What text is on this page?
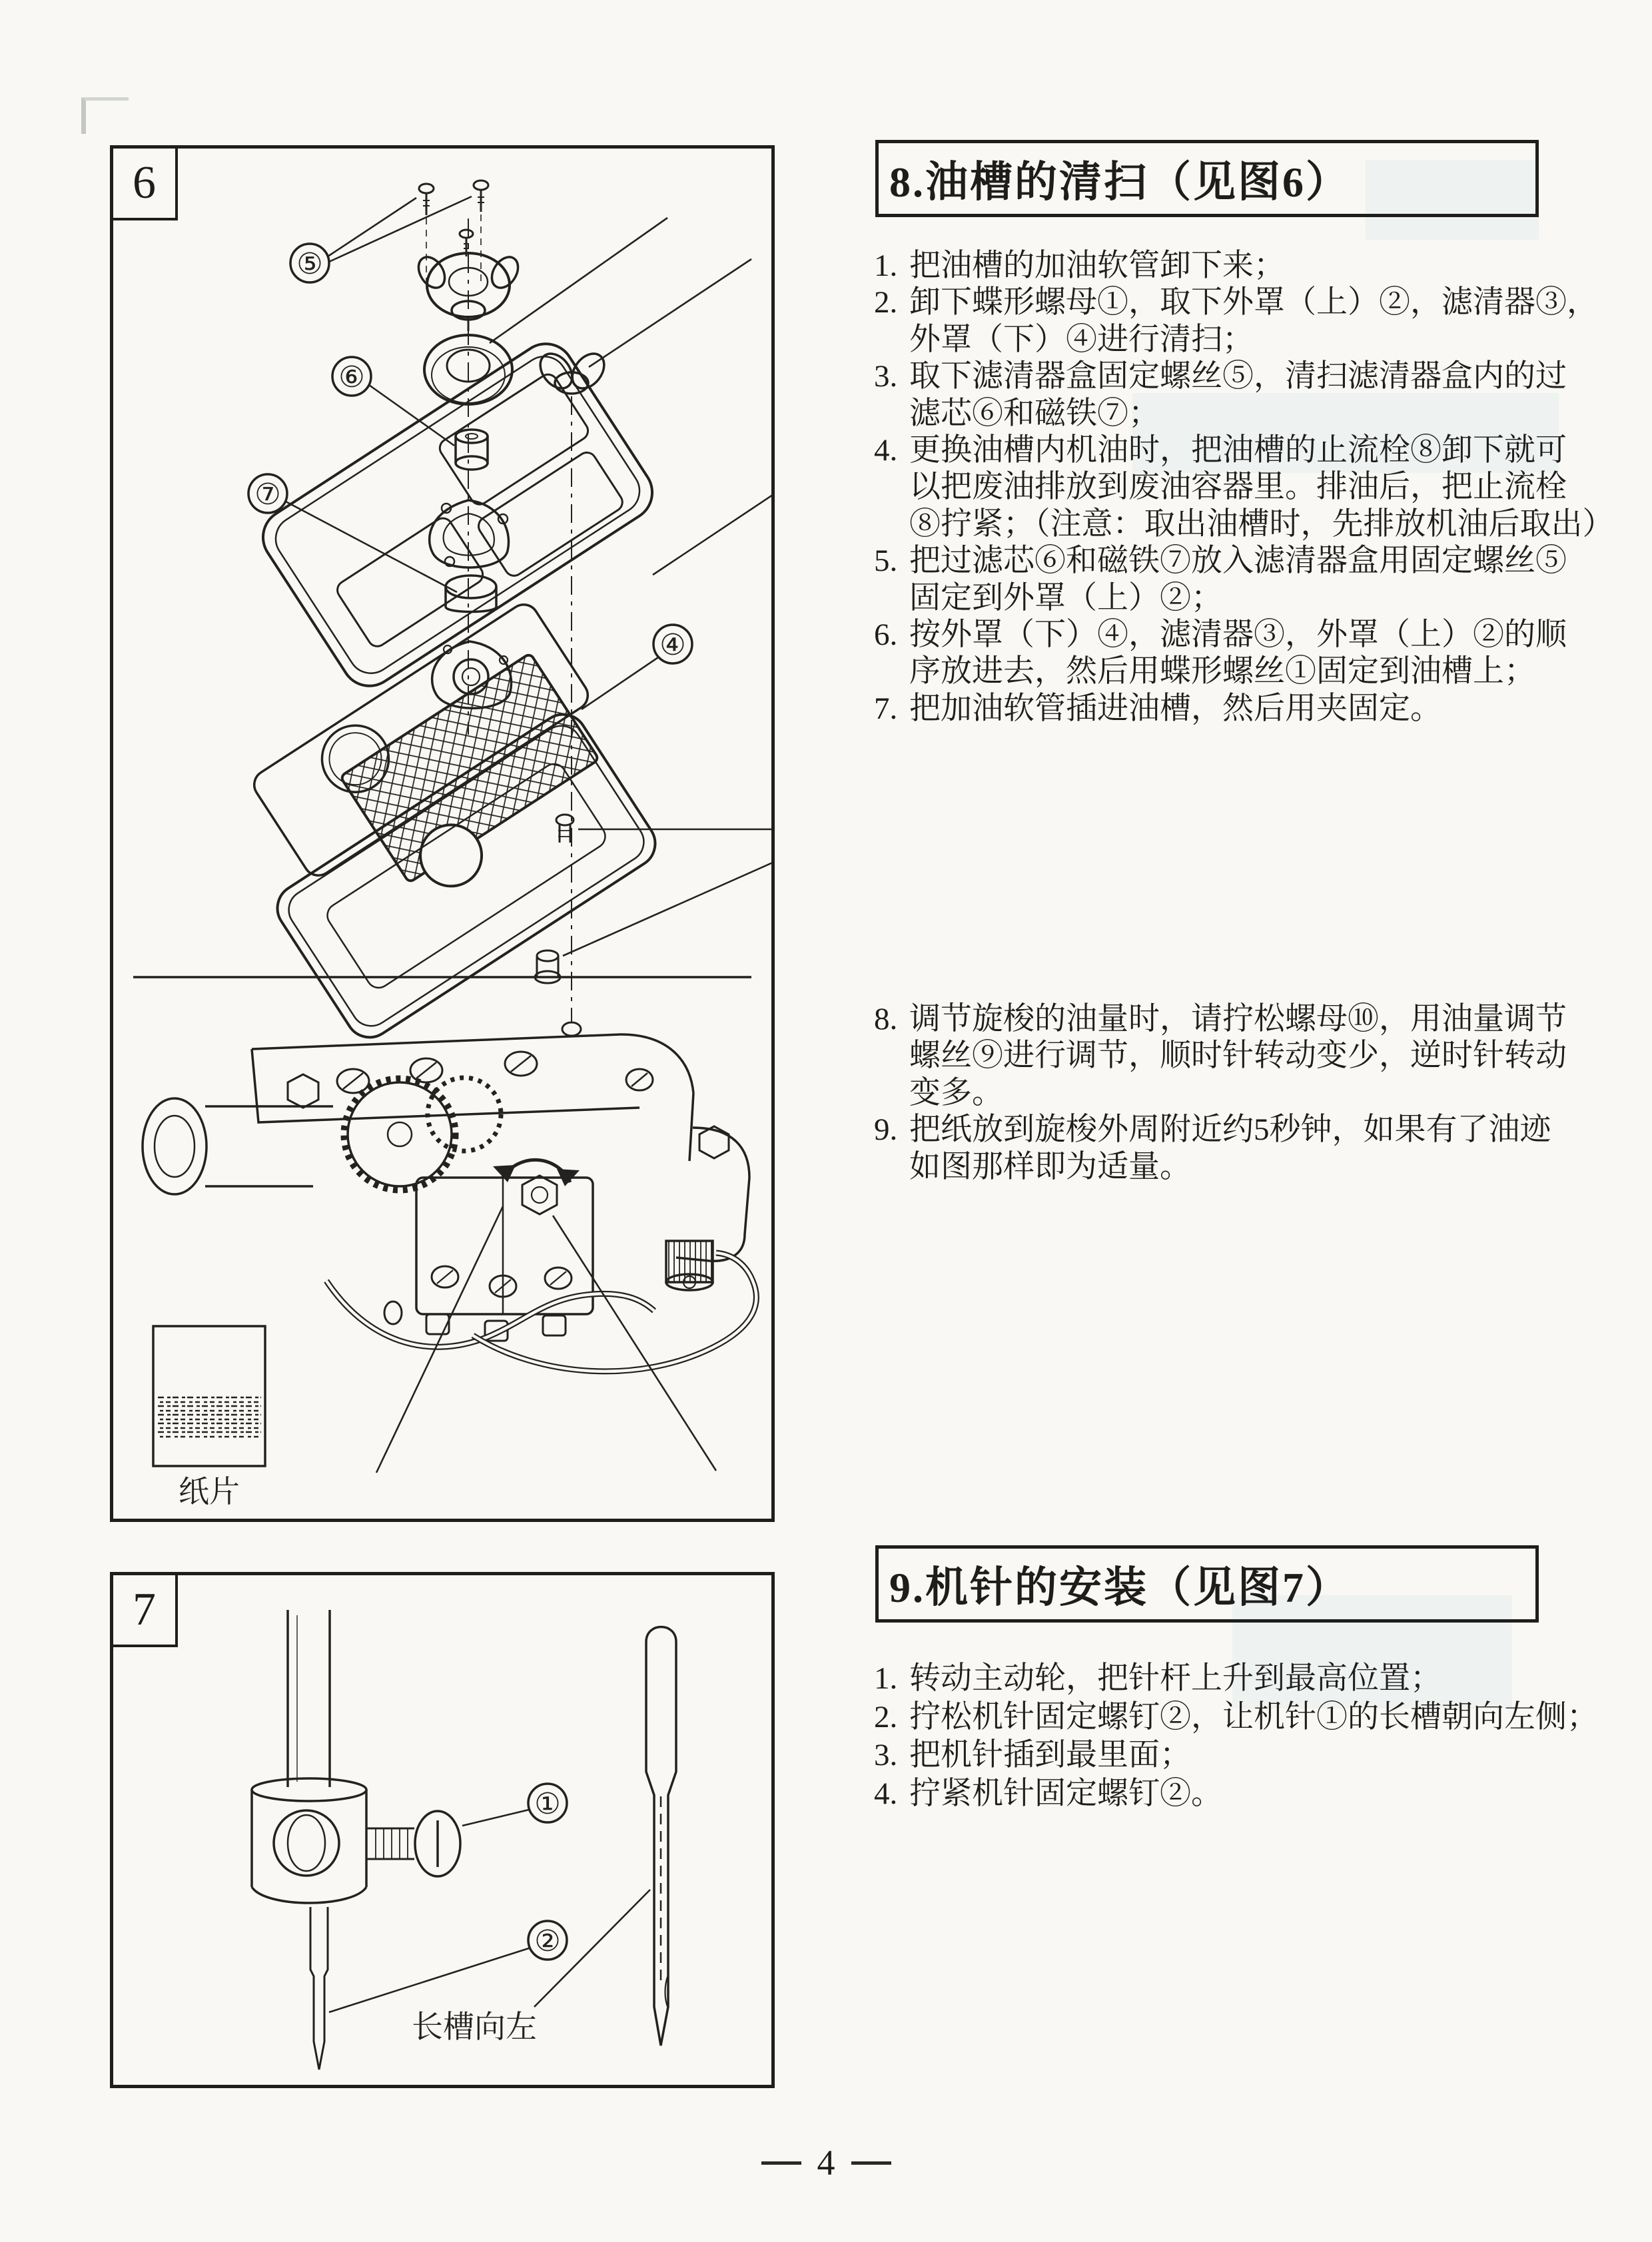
⑤
⑥
⑦
④
纸片
6
①
②
长槽向左
7
8.油槽的清扫（见图6）
1. 把油槽的加油软管卸下来；
2. 卸下蝶形螺母①，取下外罩（上）②，滤清器③，
外罩（下）④进行清扫；
3. 取下滤清器盒固定螺丝⑤，清扫滤清器盒内的过
滤芯⑥和磁铁⑦；
4. 更换油槽内机油时，把油槽的止流栓⑧卸下就可
以把废油排放到废油容器里。排油后，把止流栓
⑧拧紧；（注意：取出油槽时，先排放机油后取出）
5. 把过滤芯⑥和磁铁⑦放入滤清器盒用固定螺丝⑤
固定到外罩（上）②；
6. 按外罩（下）④，滤清器③，外罩（上）②的顺
序放进去，然后用蝶形螺丝①固定到油槽上；
7. 把加油软管插进油槽，然后用夹固定。
8. 调节旋梭的油量时，请拧松螺母⑩，用油量调节
螺丝⑨进行调节，顺时针转动变少，逆时针转动
变多。
9. 把纸放到旋梭外周附近约5秒钟，如果有了油迹
如图那样即为适量。
9.机针的安装（见图7）
1. 转动主动轮，把针杆上升到最高位置；
2. 拧松机针固定螺钉②，让机针①的长槽朝向左侧；
3. 把机针插到最里面；
4. 拧紧机针固定螺钉②。
4
